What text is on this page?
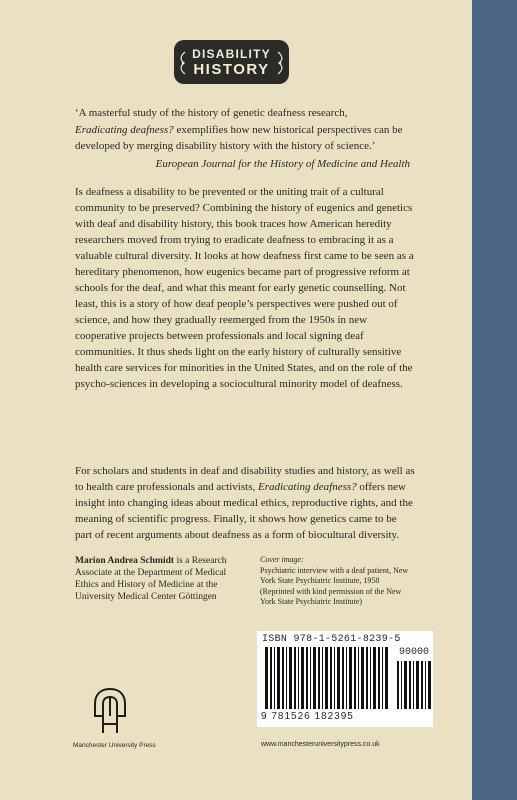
DISABILITY
HISTORY

‘A masterful study of the history of genetic deafness research,
Eradicating deafness? exemplifies how new historical perspectives can be developed by merging disability history with the history of science.’

European Journal for the History of Medicine and Health

Is deafness a disability to be prevented or the uniting trait of a cultural community to be preserved? Combining the history of eugenics and genetics with deaf and disability history, this book traces how American heredity researchers moved from trying to eradicate deafness to embracing it as a valuable cultural diversity. It looks at how deafness first came to be seen as a hereditary phenomenon, how eugenics became part of progressive reform at schools for the deaf, and what this meant for early genetic counselling. Not least, this is a story of how deaf people’s perspectives were pushed out of science, and how they gradually reemerged from the 1950s in new cooperative projects between professionals and local signing deaf communities. It thus sheds light on the early history of culturally sensitive health care services for minorities in the United States, and on the role of the psycho-sciences in developing a sociocultural minority model of deafness.

For scholars and students in deaf and disability studies and history, as well as to health care professionals and activists, Eradicating deafness? offers new insight into changing ideas about medical ethics, reproductive rights, and the meaning of scientific progress. Finally, it shows how genetics came to be part of recent arguments about deafness as a form of biocultural diversity.

Marion Andrea Schmidt is a Research Associate at the Department of Medical Ethics and History of Medicine at the University Medical Center Göttingen
Cover image:
Psychiatric interview with a deaf patient, New York State Psychiatric Institute, 1958 (Reprinted with kind permission of the New York State Psychiatric Institute)
ISBN 978-1-5261-8239-5
90000
9 781526 182395
Manchester University Press	www.manchesteruniversitypress.co.uk
